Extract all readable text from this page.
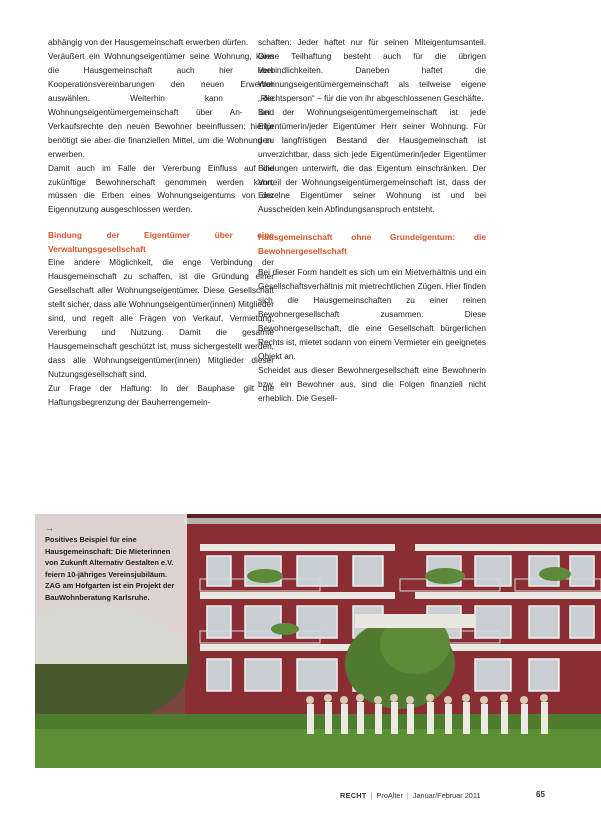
abhängig von der Hausgemeinschaft erwerben dürfen.

Veräußert ein Wohnungseigentümer seine Wohnung, kann die Hausgemeinschaft auch hier über Kooperationsvereinbarungen den neuen Erwerber auswählen. Weiterhin kann die Wohnungseigentümergemeinschaft über An- und Verkaufsrechte den neuen Bewohner beeinflussen; hierfür benötigt sie aber die finanziellen Mittel, um die Wohnung zu erwerben.

Damit auch im Falle der Vererbung Einfluss auf die zukünftige Bewohnerschaft genommen werden kann, müssen die Erben eines Wohnungseigentums von der Eigennutzung ausgeschlossen werden.

Bindung der Eigentümer über eine Verwaltungsgesellschaft

Eine andere Möglichkeit, die enge Verbindung der Hausgemeinschaft zu schaffen, ist die Gründung einer Gesellschaft aller Wohnungseigentümer. Diese Gesellschaft stellt sicher, dass alle Wohnungseigentümer(innen) Mitglieder sind, und regelt alle Fragen von Verkauf, Vermietung, Vererbung und Nutzung. Damit die gesamte Hausgemeinschaft geschützt ist, muss sichergestellt werden, dass alle Wohnungseigentümer(innen) Mitglieder dieser Nutzungsgesellschaft sind.

Zur Frage der Haftung: In der Bauphase gilt die Haftungsbegrenzung der Bauherrengemein-

schaften: Jeder haftet nur für seinen Miteigentumsanteil. Diese Teilhaftung besteht auch für die übrigen Verbindlichkeiten. Daneben haftet die Wohnungseigentümergemeinschaft als teilweise eigene „Rechtsperson“ – für die von ihr abgeschlossenen Geschäfte.

Bei der Wohnungseigentümergemeinschaft ist jede Eigentümerin/jeder Eigentümer Herr seiner Wohnung. Für den langfristigen Bestand der Hausgemeinschaft ist unverzichtbar, dass sich jede Eigentümerin/jeder Eigentümer Bindungen unterwirft, die das Eigentum einschränken. Der Vorteil der Wohnungseigentümergemeinschaft ist, dass der Einzelne Eigentümer seiner Wohnung ist und bei Ausscheiden kein Abfindungsanspruch entsteht.

Hausgemeinschaft ohne Grundeigentum: die Bewohnergesellschaft

Bei dieser Form handelt es sich um ein Mietverhältnis und ein Gesellschaftsverhältnis mit mietrechtlichen Zügen. Hier finden sich die Hausgemeinschaften zu einer reinen Bewohnergesellschaft zusammen. Diese Bewohnergesellschaft, die eine Gesellschaft bürgerlichen Rechts ist, mietet sodann von einem Vermieter ein geeignetes Objekt an.

Scheidet aus dieser Bewohnergesellschaft eine Bewohnerin bzw. ein Bewohner aus, sind die Folgen finanziell nicht erheblich. Die Gesell-

→
Positives Beispiel für eine Hausgemeinschaft: Die Mieterinnen von Zukunft Alternativ Gestalten e.V. feiern 10-jähriges Vereinsjubiläum. ZAG am Hofgarten ist ein Projekt der BauWohnberatung Karlsruhe.
RECHT | ProAlter | Januar/Februar 2011	65
